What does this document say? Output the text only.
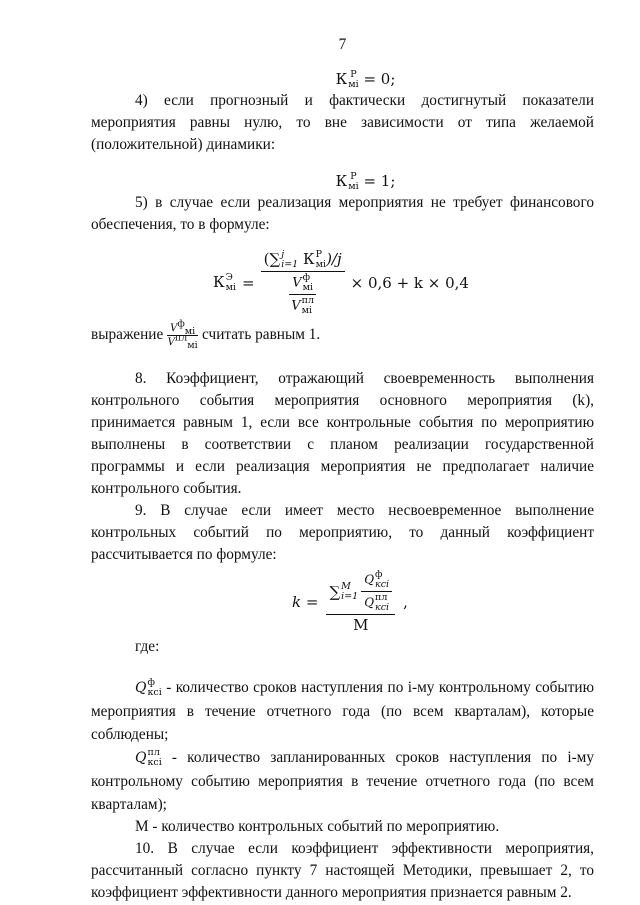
7
К Р
мi = 0;
4) если прогнозный и фактически достигнутый показатели мероприятия равны нулю, то вне зависимости от типа желаемой (положительной) динамики:
К Р
мi = 1;
5) в случае если реализация мероприятия не требует финансового обеспечения, то в формуле:
К Э
мi = (∑ j
i=1 К Р
мi )/j
V ф
мi
V пл
мi × 0,6 + k × 0,4
выражение $\frac{V^ф_{мi}}{V^{пл}_{мi}}$ считать равным 1.
8. Коэффициент, отражающий своевременность выполнения контрольного события мероприятия основного мероприятия (k), принимается равным 1, если все контрольные события по мероприятию выполнены в соответствии с планом реализации государственной программы и если реализация мероприятия не предполагает наличие контрольного события.
9. В случае если имеет место несвоевременное выполнение контрольных событий по мероприятию, то данный коэффициент рассчитывается по формуле:
k = ∑ M
i=1 Q ф
ксi
Q пл
ксi
М ,
где:
Q ф
ксi - количество сроков наступления по i-му контрольному событию мероприятия в течение отчетного года (по всем кварталам), которые соблюдены;
Q пл
ксi - количество запланированных сроков наступления по i-му контрольному событию мероприятия в течение отчетного года (по всем кварталам);
М - количество контрольных событий по мероприятию.
10. В случае если коэффициент эффективности мероприятия, рассчитанный согласно пункту 7 настоящей Методики, превышает 2, то коэффициент эффективности данного мероприятия признается равным 2.
